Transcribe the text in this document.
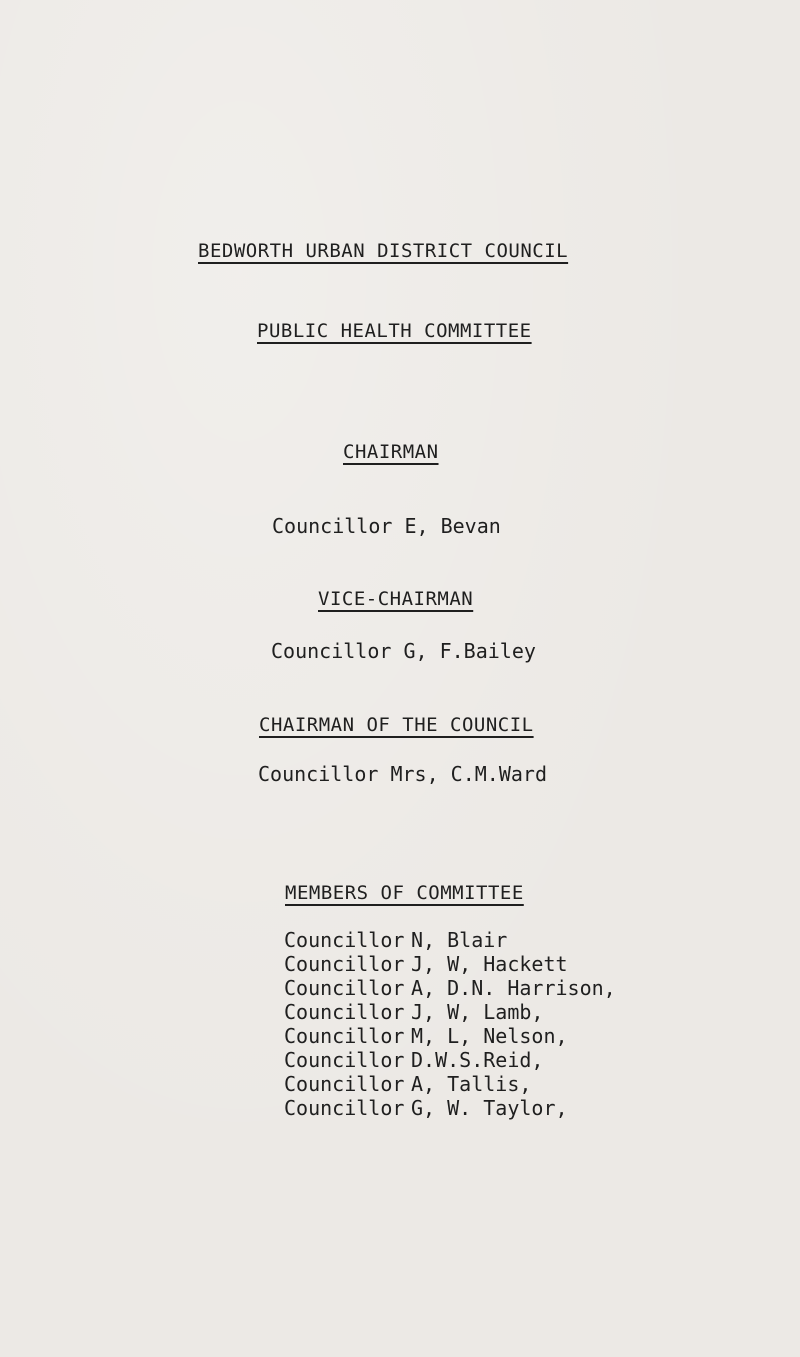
BEDWORTH URBAN DISTRICT COUNCIL
PUBLIC HEALTH COMMITTEE
CHAIRMAN
Councillor E, Bevan
VICE-CHAIRMAN
Councillor G, F.Bailey
CHAIRMAN OF THE COUNCIL
Councillor Mrs, C.M.Ward
MEMBERS OF COMMITTEE
Councillor N, Blair
Councillor J, W, Hackett
Councillor A, D.N. Harrison,
Councillor J, W, Lamb,
Councillor M, L, Nelson,
Councillor D.W.S.Reid,
Councillor A, Tallis,
Councillor G, W. Taylor,
